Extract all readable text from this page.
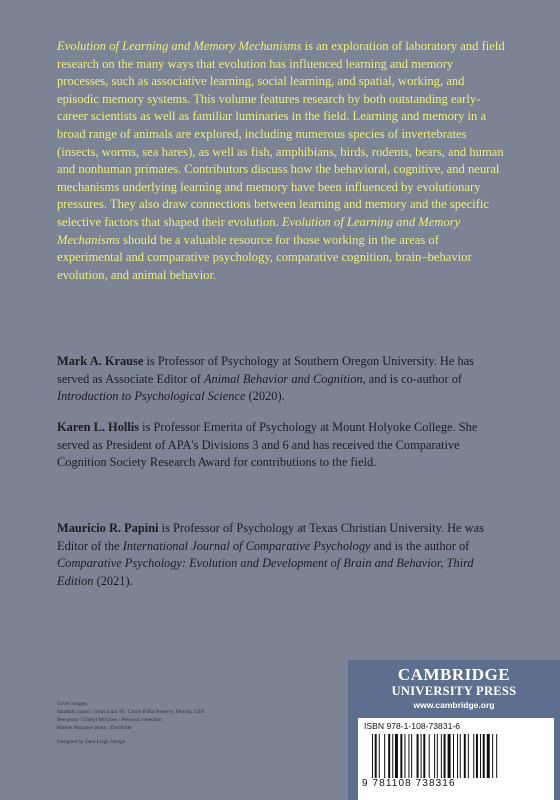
Evolution of Learning and Memory Mechanisms is an exploration of laboratory and field research on the many ways that evolution has influenced learning and memory processes, such as associative learning, social learning, and spatial, working, and episodic memory systems. This volume features research by both outstanding early-career scientists as well as familiar luminaries in the field. Learning and memory in a broad range of animals are explored, including numerous species of invertebrates (insects, worms, sea hares), as well as fish, amphibians, birds, rodents, bears, and human and nonhuman primates. Contributors discuss how the behavioral, cognitive, and neural mechanisms underlying learning and memory have been influenced by evolutionary pressures. They also draw connections between learning and memory and the specific selective factors that shaped their evolution. Evolution of Learning and Memory Mechanisms should be a valuable resource for those working in the areas of experimental and comparative psychology, comparative cognition, brain–behavior evolution, and animal behavior.
Mark A. Krause is Professor of Psychology at Southern Oregon University. He has served as Associate Editor of Animal Behavior and Cognition, and is co-author of Introduction to Psychological Science (2020).
Karen L. Hollis is Professor Emerita of Psychology at Mount Holyoke College. She served as President of APA's Divisions 3 and 6 and has received the Comparative Cognition Society Research Award for contributions to the field.
Mauricio R. Papini is Professor of Psychology at Texas Christian University. He was Editor of the International Journal of Comparative Psychology and is the author of Comparative Psychology: Evolution and Development of Brain and Behavior, Third Edition (2021).
Cover images:
Sandhill cranes / Johan Lind /N / Circle B Bar Reserve, Florida, USA
Bee photo / Cheryl McGraw / Personal collection
Rhesus Macaque photo / David Ide
Designed by Dani Leigh Design
CAMBRIDGE
UNIVERSITY PRESS
www.cambridge.org
ISBN 978-1-108-73831-6
9 781108 738316
